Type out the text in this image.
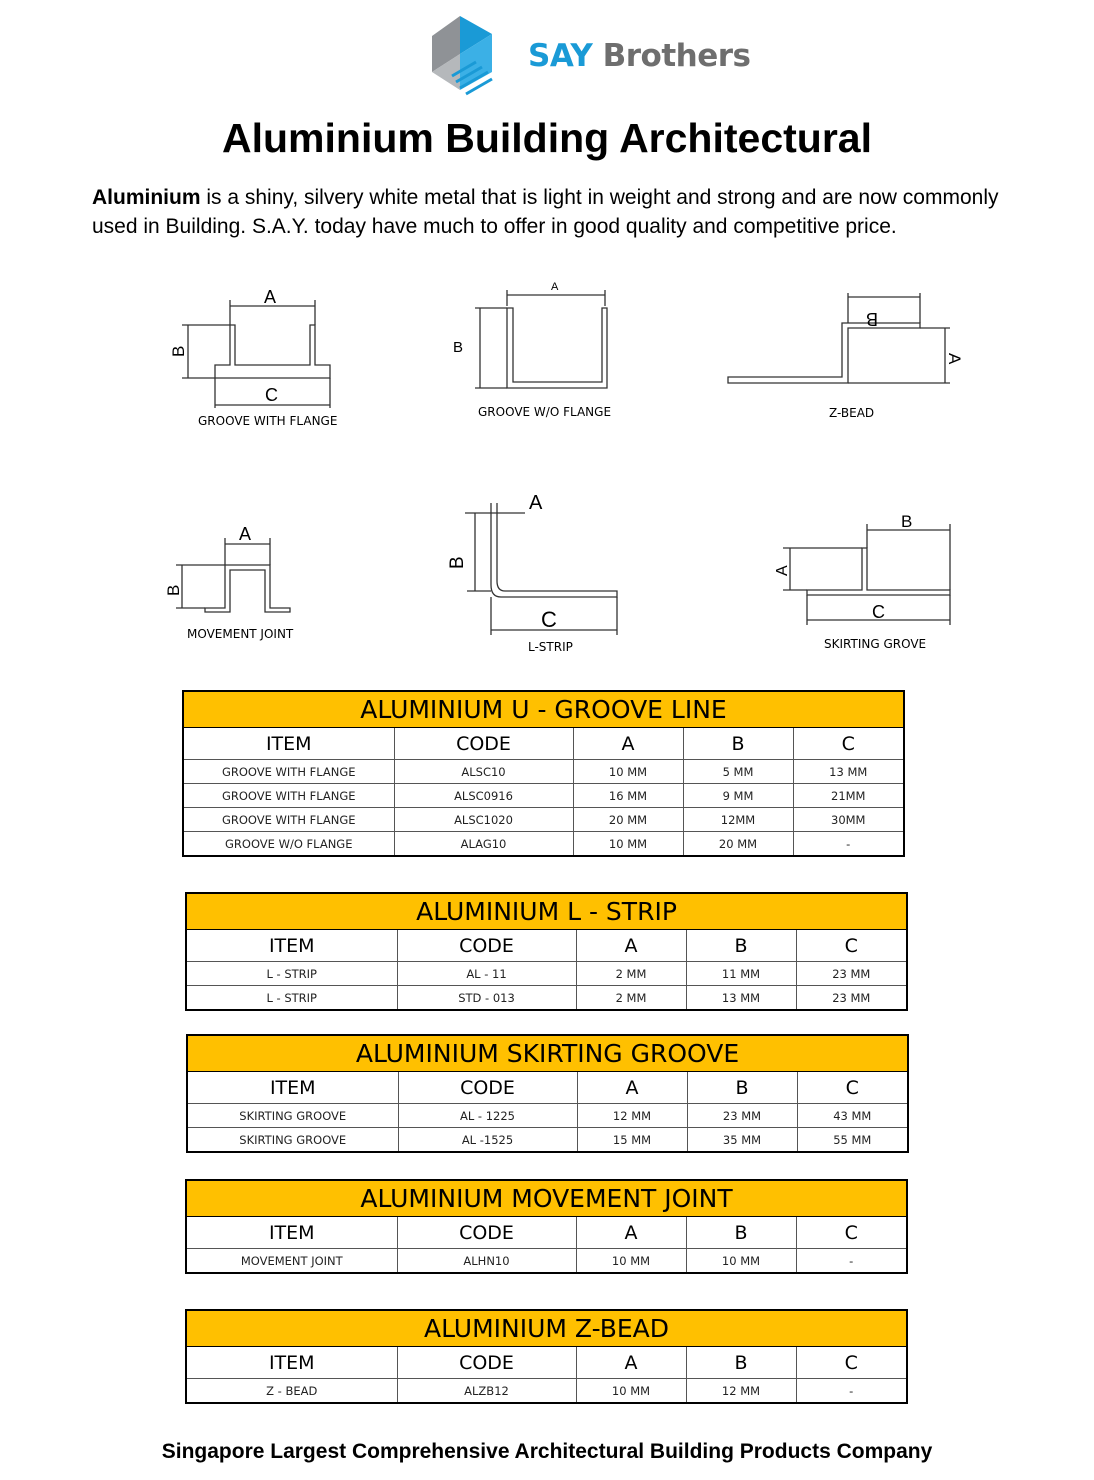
SAY Brothers
Aluminium Building Architectural
Aluminium is a shiny, silvery white metal that is light in weight and strong and are now commonly used in Building. S.A.Y. today have much to offer in good quality and competitive price.
A
C
B
GROOVE WITH FLANGE
A
B
GROOVE W/O FLANGE
B
A
Z-BEAD
A
B
MOVEMENT JOINT
A
C
B
L-STRIP
B
C
A
SKIRTING GROVE
ALUMINIUM U - GROOVE LINE				
ITEM	CODE	A	B	C
GROOVE WITH FLANGE	ALSC10	10 MM	5 MM	13 MM
GROOVE WITH FLANGE	ALSC0916	16 MM	9 MM	21MM
GROOVE WITH FLANGE	ALSC1020	20 MM	12MM	30MM
GROOVE W/O FLANGE	ALAG10	10 MM	20 MM	-
ALUMINIUM L - STRIP				
ITEM	CODE	A	B	C
L - STRIP	AL - 11	2 MM	11 MM	23 MM
L - STRIP	STD - 013	2 MM	13 MM	23 MM
ALUMINIUM SKIRTING GROOVE				
ITEM	CODE	A	B	C
SKIRTING GROOVE	AL - 1225	12 MM	23 MM	43 MM
SKIRTING GROOVE	AL -1525	15 MM	35 MM	55 MM
ALUMINIUM MOVEMENT JOINT				
ITEM	CODE	A	B	C
MOVEMENT JOINT	ALHN10	10 MM	10 MM	-
ALUMINIUM Z-BEAD				
ITEM	CODE	A	B	C
Z - BEAD	ALZB12	10 MM	12 MM	-
Singapore Largest Comprehensive Architectural Building Products Company
